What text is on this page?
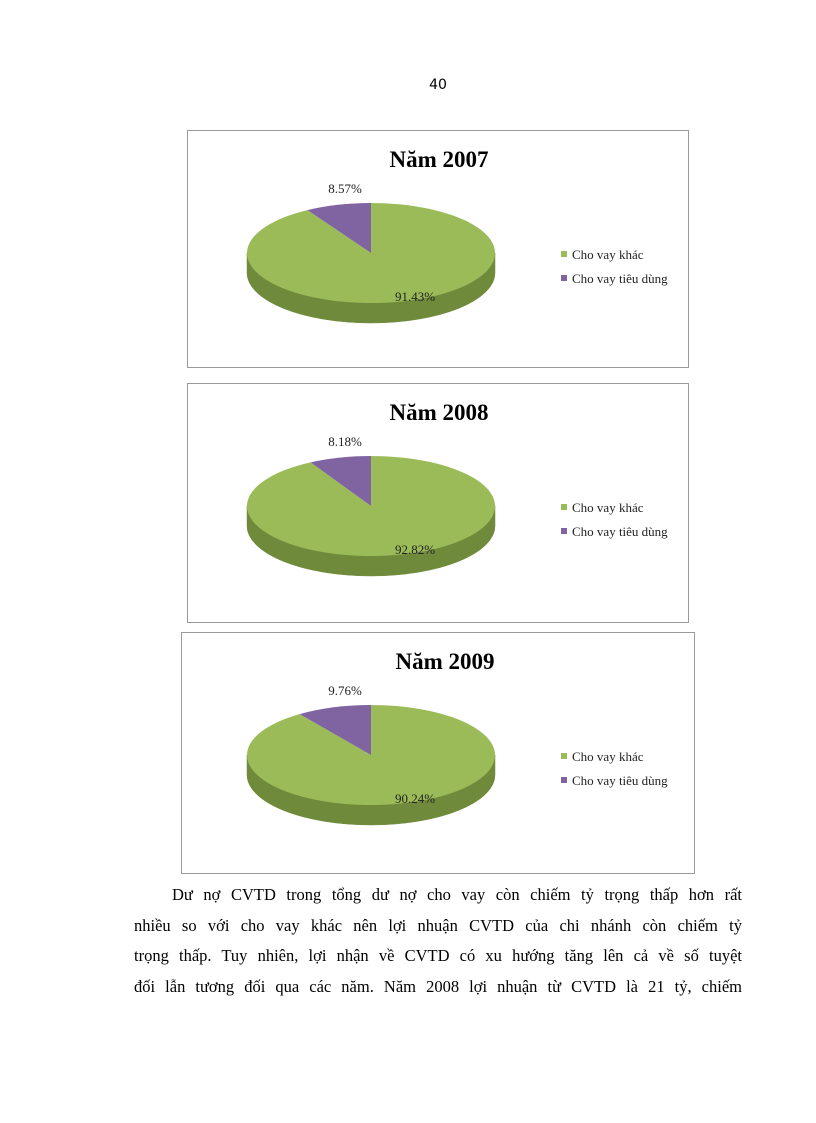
40
Năm 2007
91.43%
8.57%
Cho vay khác
Cho vay tiêu dùng
Năm 2008
92.82%
8.18%
Cho vay khác
Cho vay tiêu dùng
Năm 2009
90.24%
9.76%
Cho vay khác
Cho vay tiêu dùng
Dư nợ CVTD trong tổng dư nợ cho vay còn chiếm tỷ trọng thấp hơn rất
nhiều so với cho vay khác nên lợi nhuận CVTD của chi nhánh còn chiếm tỷ
trọng thấp. Tuy nhiên, lợi nhận về CVTD có xu hướng tăng lên cả về số tuyệt
đối lẫn tương đối qua các năm. Năm 2008 lợi nhuận từ CVTD là 21 tỷ, chiếm
